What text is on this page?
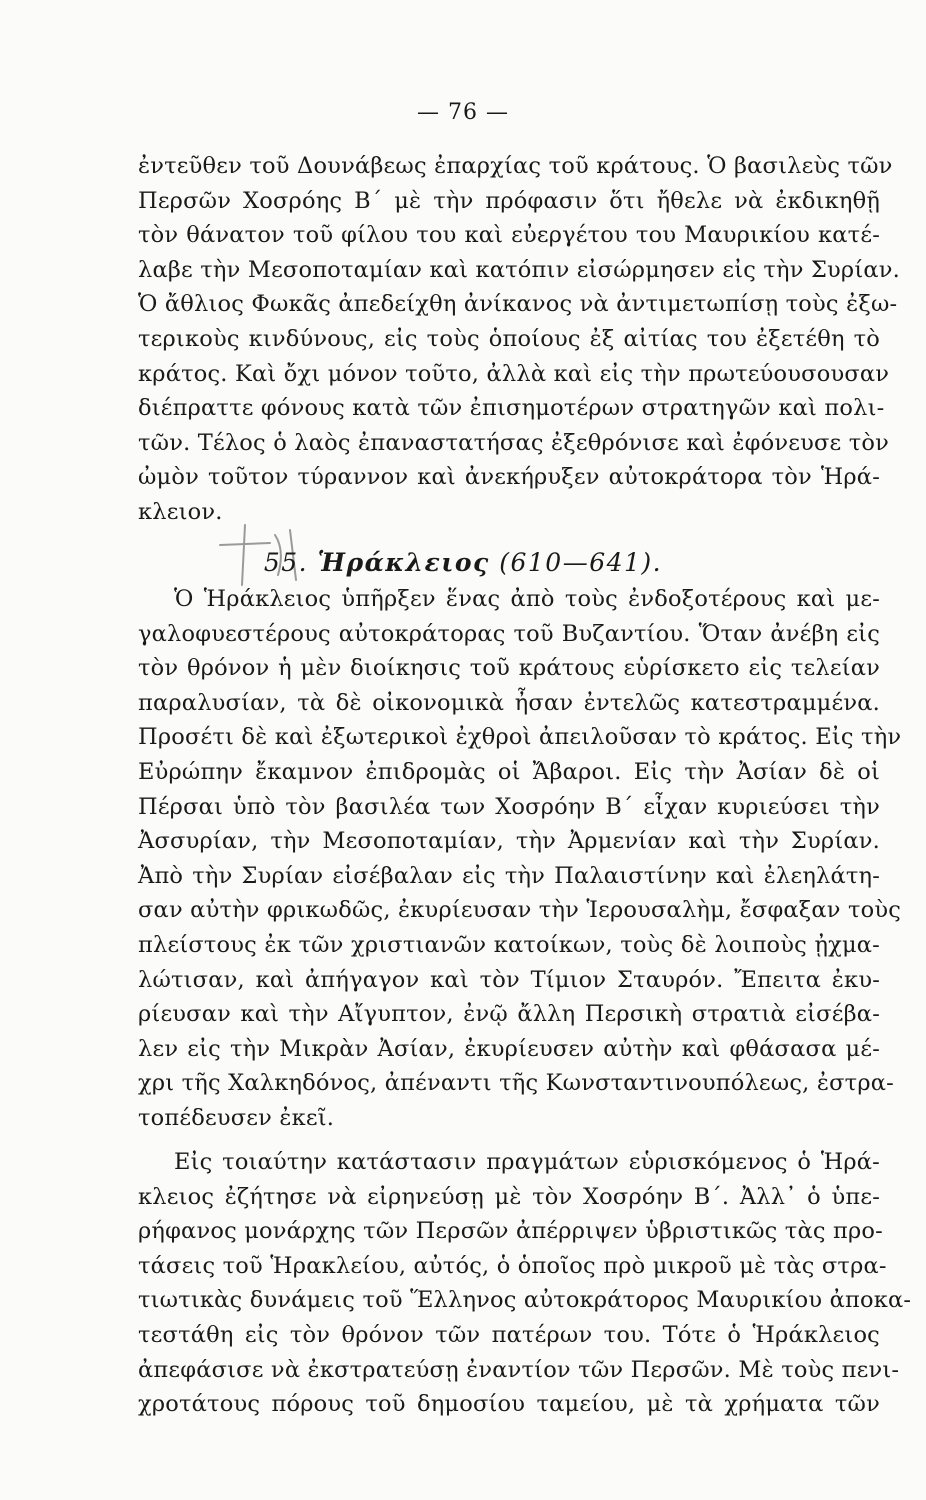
— 76 —
ἐντεῦθεν τοῦ Δουνάβεως ἐπαρχίας τοῦ κράτους. Ὁ βασιλεὺς τῶν
Περσῶν Χοσρόης Β΄ μὲ τὴν πρόφασιν ὅτι ἤθελε νὰ ἐκδικηθῇ
τὸν θάνατον τοῦ φίλου του καὶ εὐεργέτου του Μαυρικίου κατέ-
λαβε τὴν Μεσοποταμίαν καὶ κατόπιν εἰσώρμησεν εἰς τὴν Συρίαν.
Ὁ ἄθλιος Φωκᾶς ἀπεδείχθη ἀνίκανος νὰ ἀντιμετωπίσῃ τοὺς ἐξω-
τερικοὺς κινδύνους, εἰς τοὺς ὁποίους ἐξ αἰτίας του ἐξετέθη τὸ
κράτος. Καὶ ὄχι μόνον τοῦτο, ἀλλὰ καὶ εἰς τὴν πρωτεύουσουσαν
διέπραττε φόνους κατὰ τῶν ἐπισημοτέρων στρατηγῶν καὶ πολι-
τῶν. Τέλος ὁ λαὸς ἐπαναστατήσας ἐξεθρόνισε καὶ ἐφόνευσε τὸν
ὠμὸν τοῦτον τύραννον καὶ ἀνεκήρυξεν αὐτοκράτορα τὸν Ἡρά-
κλειον.
55. Ἡράκλειος (610—641).
Ὁ Ἡράκλειος ὑπῆρξεν ἕνας ἀπὸ τοὺς ἐνδοξοτέρους καὶ με-
γαλοφυεστέρους αὐτοκράτορας τοῦ Βυζαντίου. Ὅταν ἀνέβη εἰς
τὸν θρόνον ἡ μὲν διοίκησις τοῦ κράτους εὑρίσκετο εἰς τελείαν
παραλυσίαν, τὰ δὲ οἰκονομικὰ ἦσαν ἐντελῶς κατεστραμμένα.
Προσέτι δὲ καὶ ἐξωτερικοὶ ἐχθροὶ ἀπειλοῦσαν τὸ κράτος. Εἰς τὴν
Εὐρώπην ἔκαμνον ἐπιδρομὰς οἱ Ἄβαροι. Εἰς τὴν Ἀσίαν δὲ οἱ
Πέρσαι ὑπὸ τὸν βασιλέα των Χοσρόην Β΄ εἶχαν κυριεύσει τὴν
Ἀσσυρίαν, τὴν Μεσοποταμίαν, τὴν Ἀρμενίαν καὶ τὴν Συρίαν.
Ἀπὸ τὴν Συρίαν εἰσέβαλαν εἰς τὴν Παλαιστίνην καὶ ἐλεηλάτη-
σαν αὐτὴν φρικωδῶς, ἐκυρίευσαν τὴν Ἱερουσαλὴμ, ἔσφαξαν τοὺς
πλείστους ἐκ τῶν χριστιανῶν κατοίκων, τοὺς δὲ λοιποὺς ᾐχμα-
λώτισαν, καὶ ἀπήγαγον καὶ τὸν Τίμιον Σταυρόν. Ἔπειτα ἐκυ-
ρίευσαν καὶ τὴν Αἴγυπτον, ἐνῷ ἄλλη Περσικὴ στρατιὰ εἰσέβα-
λεν εἰς τὴν Μικρὰν Ἀσίαν, ἐκυρίευσεν αὐτὴν καὶ φθάσασα μέ-
χρι τῆς Χαλκηδόνος, ἀπέναντι τῆς Κωνσταντινουπόλεως, ἐστρα-
τοπέδευσεν ἐκεῖ.
Εἰς τοιαύτην κατάστασιν πραγμάτων εὑρισκόμενος ὁ Ἡρά-
κλειος ἐζήτησε νὰ εἰρηνεύσῃ μὲ τὸν Χοσρόην Β΄. Ἀλλ᾽ ὁ ὑπε-
ρήφανος μονάρχης τῶν Περσῶν ἀπέρριψεν ὑβριστικῶς τὰς προ-
τάσεις τοῦ Ἡρακλείου, αὐτός, ὁ ὁποῖος πρὸ μικροῦ μὲ τὰς στρα-
τιωτικὰς δυνάμεις τοῦ Ἕλληνος αὐτοκράτορος Μαυρικίου ἀποκα-
τεστάθη εἰς τὸν θρόνον τῶν πατέρων του. Τότε ὁ Ἡράκλειος
ἀπεφάσισε νὰ ἐκστρατεύσῃ ἐναντίον τῶν Περσῶν. Μὲ τοὺς πενι-
χροτάτους πόρους τοῦ δημοσίου ταμείου, μὲ τὰ χρήματα τῶν
